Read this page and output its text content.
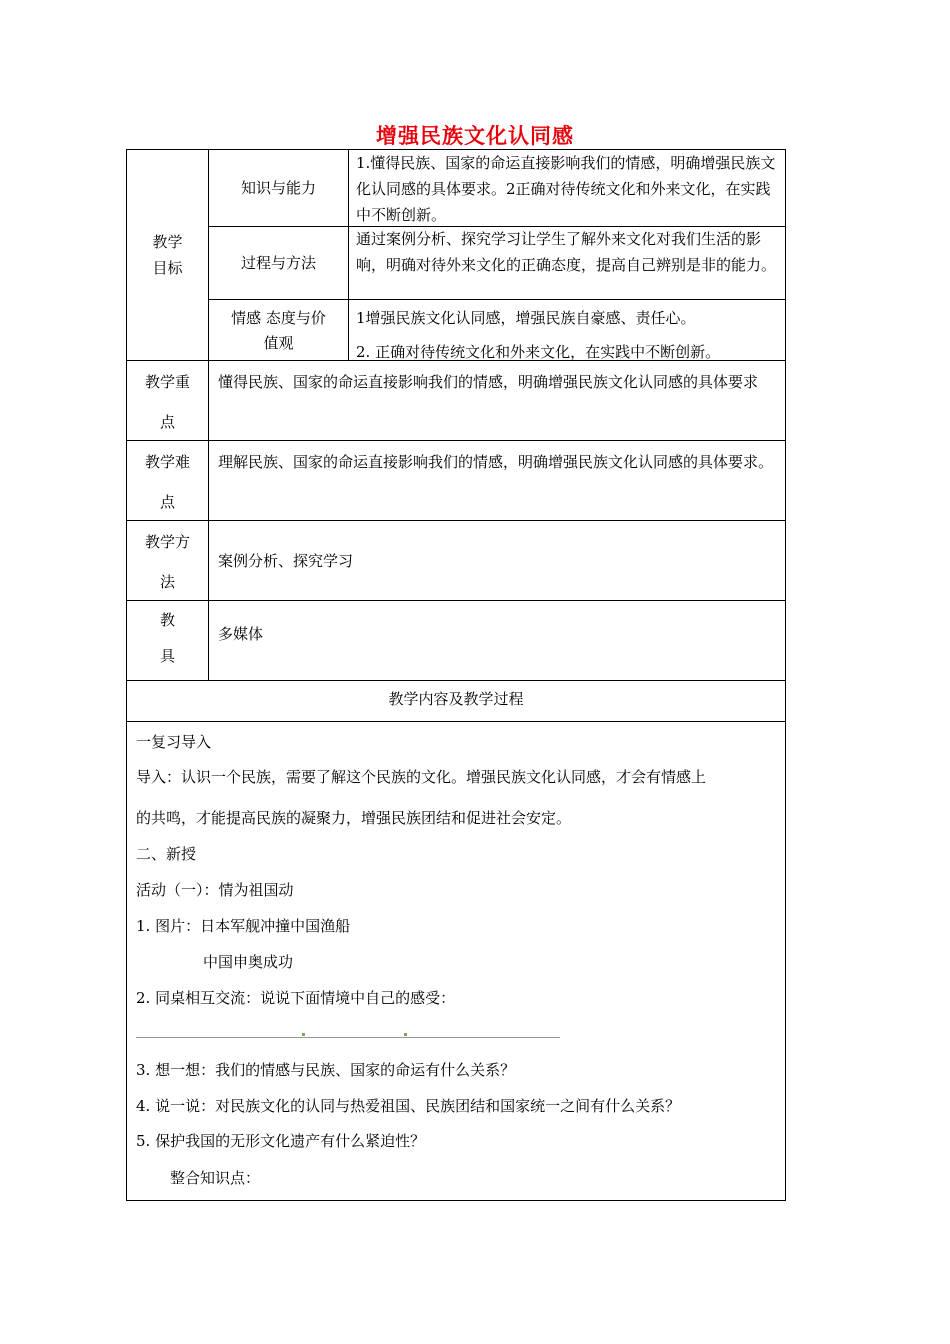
增强民族文化认同感
教学
目标
知识与能力
1.懂得民族、国家的命运直接影响我们的情感，明确增强民族文化认同感的具体要求。2正确对待传统文化和外来文化，在实践中不断创新。
过程与方法
通过案例分析、探究学习让学生了解外来文化对我们生活的影响，明确对待外来文化的正确态度，提高自己辨别是非的能力。
情感 态度与价
值观
1增强民族文化认同感，增强民族自豪感、责任心。
2. 正确对待传统文化和外来文化，在实践中不断创新。
教学重
点
懂得民族、国家的命运直接影响我们的情感，明确增强民族文化认同感的具体要求
教学难
点
理解民族、国家的命运直接影响我们的情感，明确增强民族文化认同感的具体要求。
教学方
法
案例分析、探究学习
教
具
多媒体
教学内容及教学过程
一复习导入
导入：认识一个民族，需要了解这个民族的文化。增强民族文化认同感，才会有情感上
的共鸣，才能提高民族的凝聚力，增强民族团结和促进社会安定。
二、新授
活动（一）：情为祖国动
1. 图片：日本军舰冲撞中国渔船
中国申奥成功
2. 同桌相互交流：说说下面情境中自己的感受：
3. 想一想：我们的情感与民族、国家的命运有什么关系？
4. 说一说：对民族文化的认同与热爱祖国、民族团结和国家统一之间有什么关系？
5. 保护我国的无形文化遗产有什么紧迫性？
整合知识点：
